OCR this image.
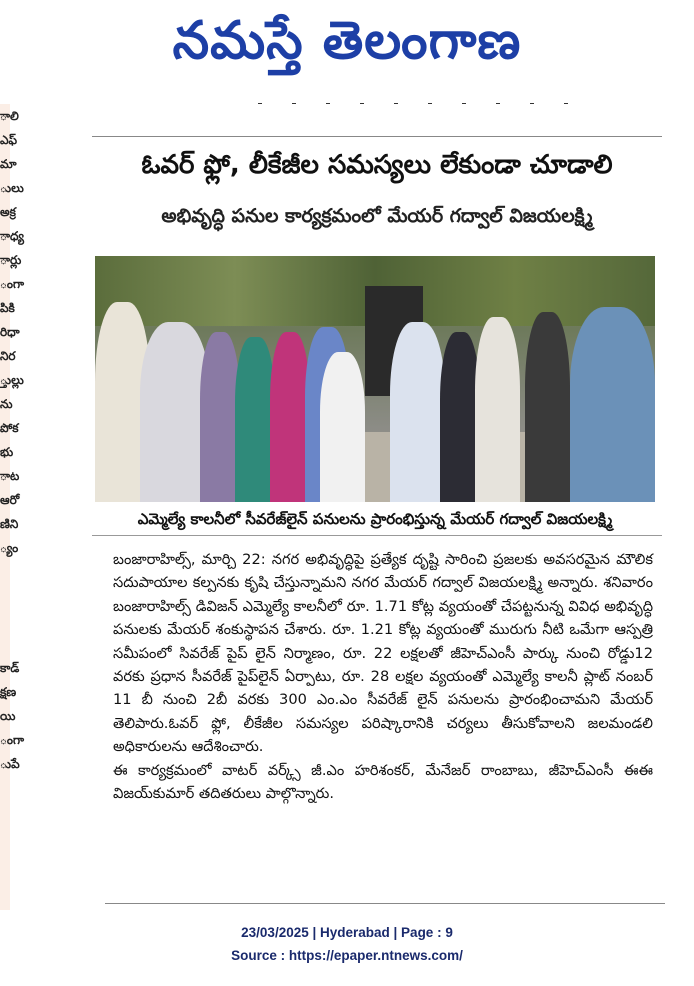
నమస్తే తెలంగాణ
ాలి
ఎఫ్
మా
ులు
అక్ర
ాధ్య
ార్లు
ంగా
పికి
రిధా
నిర
్తుల్లు
ను
పోక
భు
ాట
ఆరో
ణిని
్యం

కాడ్
క్షణ
యి
ంగా
ుపే
ఓవర్ ఫ్లో, లీకేజీల సమస్యలు లేకుండా చూడాలి
అభివృద్ధి పనుల కార్యక్రమంలో మేయర్ గద్వాల్ విజయలక్ష్మి
ఎమ్మెల్యే కాలనీలో సీవరేజ్‌లైన్ పనులను ప్రారంభిస్తున్న మేయర్ గద్వాల్ విజయలక్ష్మి

బంజారాహిల్స్, మార్చి 22: నగర అభివృద్ధిపై ప్రత్యేక దృష్టి సారించి ప్రజలకు అవసరమైన మౌలిక సదుపాయాల కల్పనకు కృషి చేస్తున్నామని నగర మేయర్ గద్వాల్ విజయలక్ష్మి అన్నారు. శనివారం బంజారాహిల్స్ డివిజన్ ఎమ్మెల్యే కాలనీలో రూ. 1.71 కోట్ల వ్యయంతో చేపట్టనున్న వివిధ అభివృద్ధి పనులకు మేయర్ శంకుస్థాపన చేశారు. రూ. 1.21 కోట్ల వ్యయంతో మురుగు నీటి ఒమేగా ఆస్పత్రి సమీపంలో సివరేజ్ పైప్ లైన్ నిర్మాణం, రూ. 22 లక్షలతో జీహెచ్ఎంసీ పార్కు నుంచి రోడ్డు12 వరకు ప్రధాన సీవరేజ్ పైప్‌లైన్ ఏర్పాటు, రూ. 28 లక్షల వ్యయంతో ఎమ్మెల్యే కాలనీ ప్లాట్ నంబర్ 11 బీ నుంచి 2బీ వరకు 300 ఎం.ఎం సీవరేజ్ లైన్ పనులను ప్రారంభించామని మేయర్ తెలిపారు.ఓవర్ ఫ్లో, లీకేజీల సమస్యల పరిష్కారానికి చర్యలు తీసుకోవాలని జలమండలి అధికారులను ఆదేశించారు.

ఈ కార్యక్రమంలో వాటర్ వర్క్స్ జీ.ఎం హరిశంకర్, మేనేజర్ రాంబాబు, జీహెచ్ఎంసీ ఈఈ విజయ్‌కుమార్ తదితరులు పాల్గొన్నారు.

23/03/2025 | Hyderabad | Page : 9
Source : https://epaper.ntnews.com/
